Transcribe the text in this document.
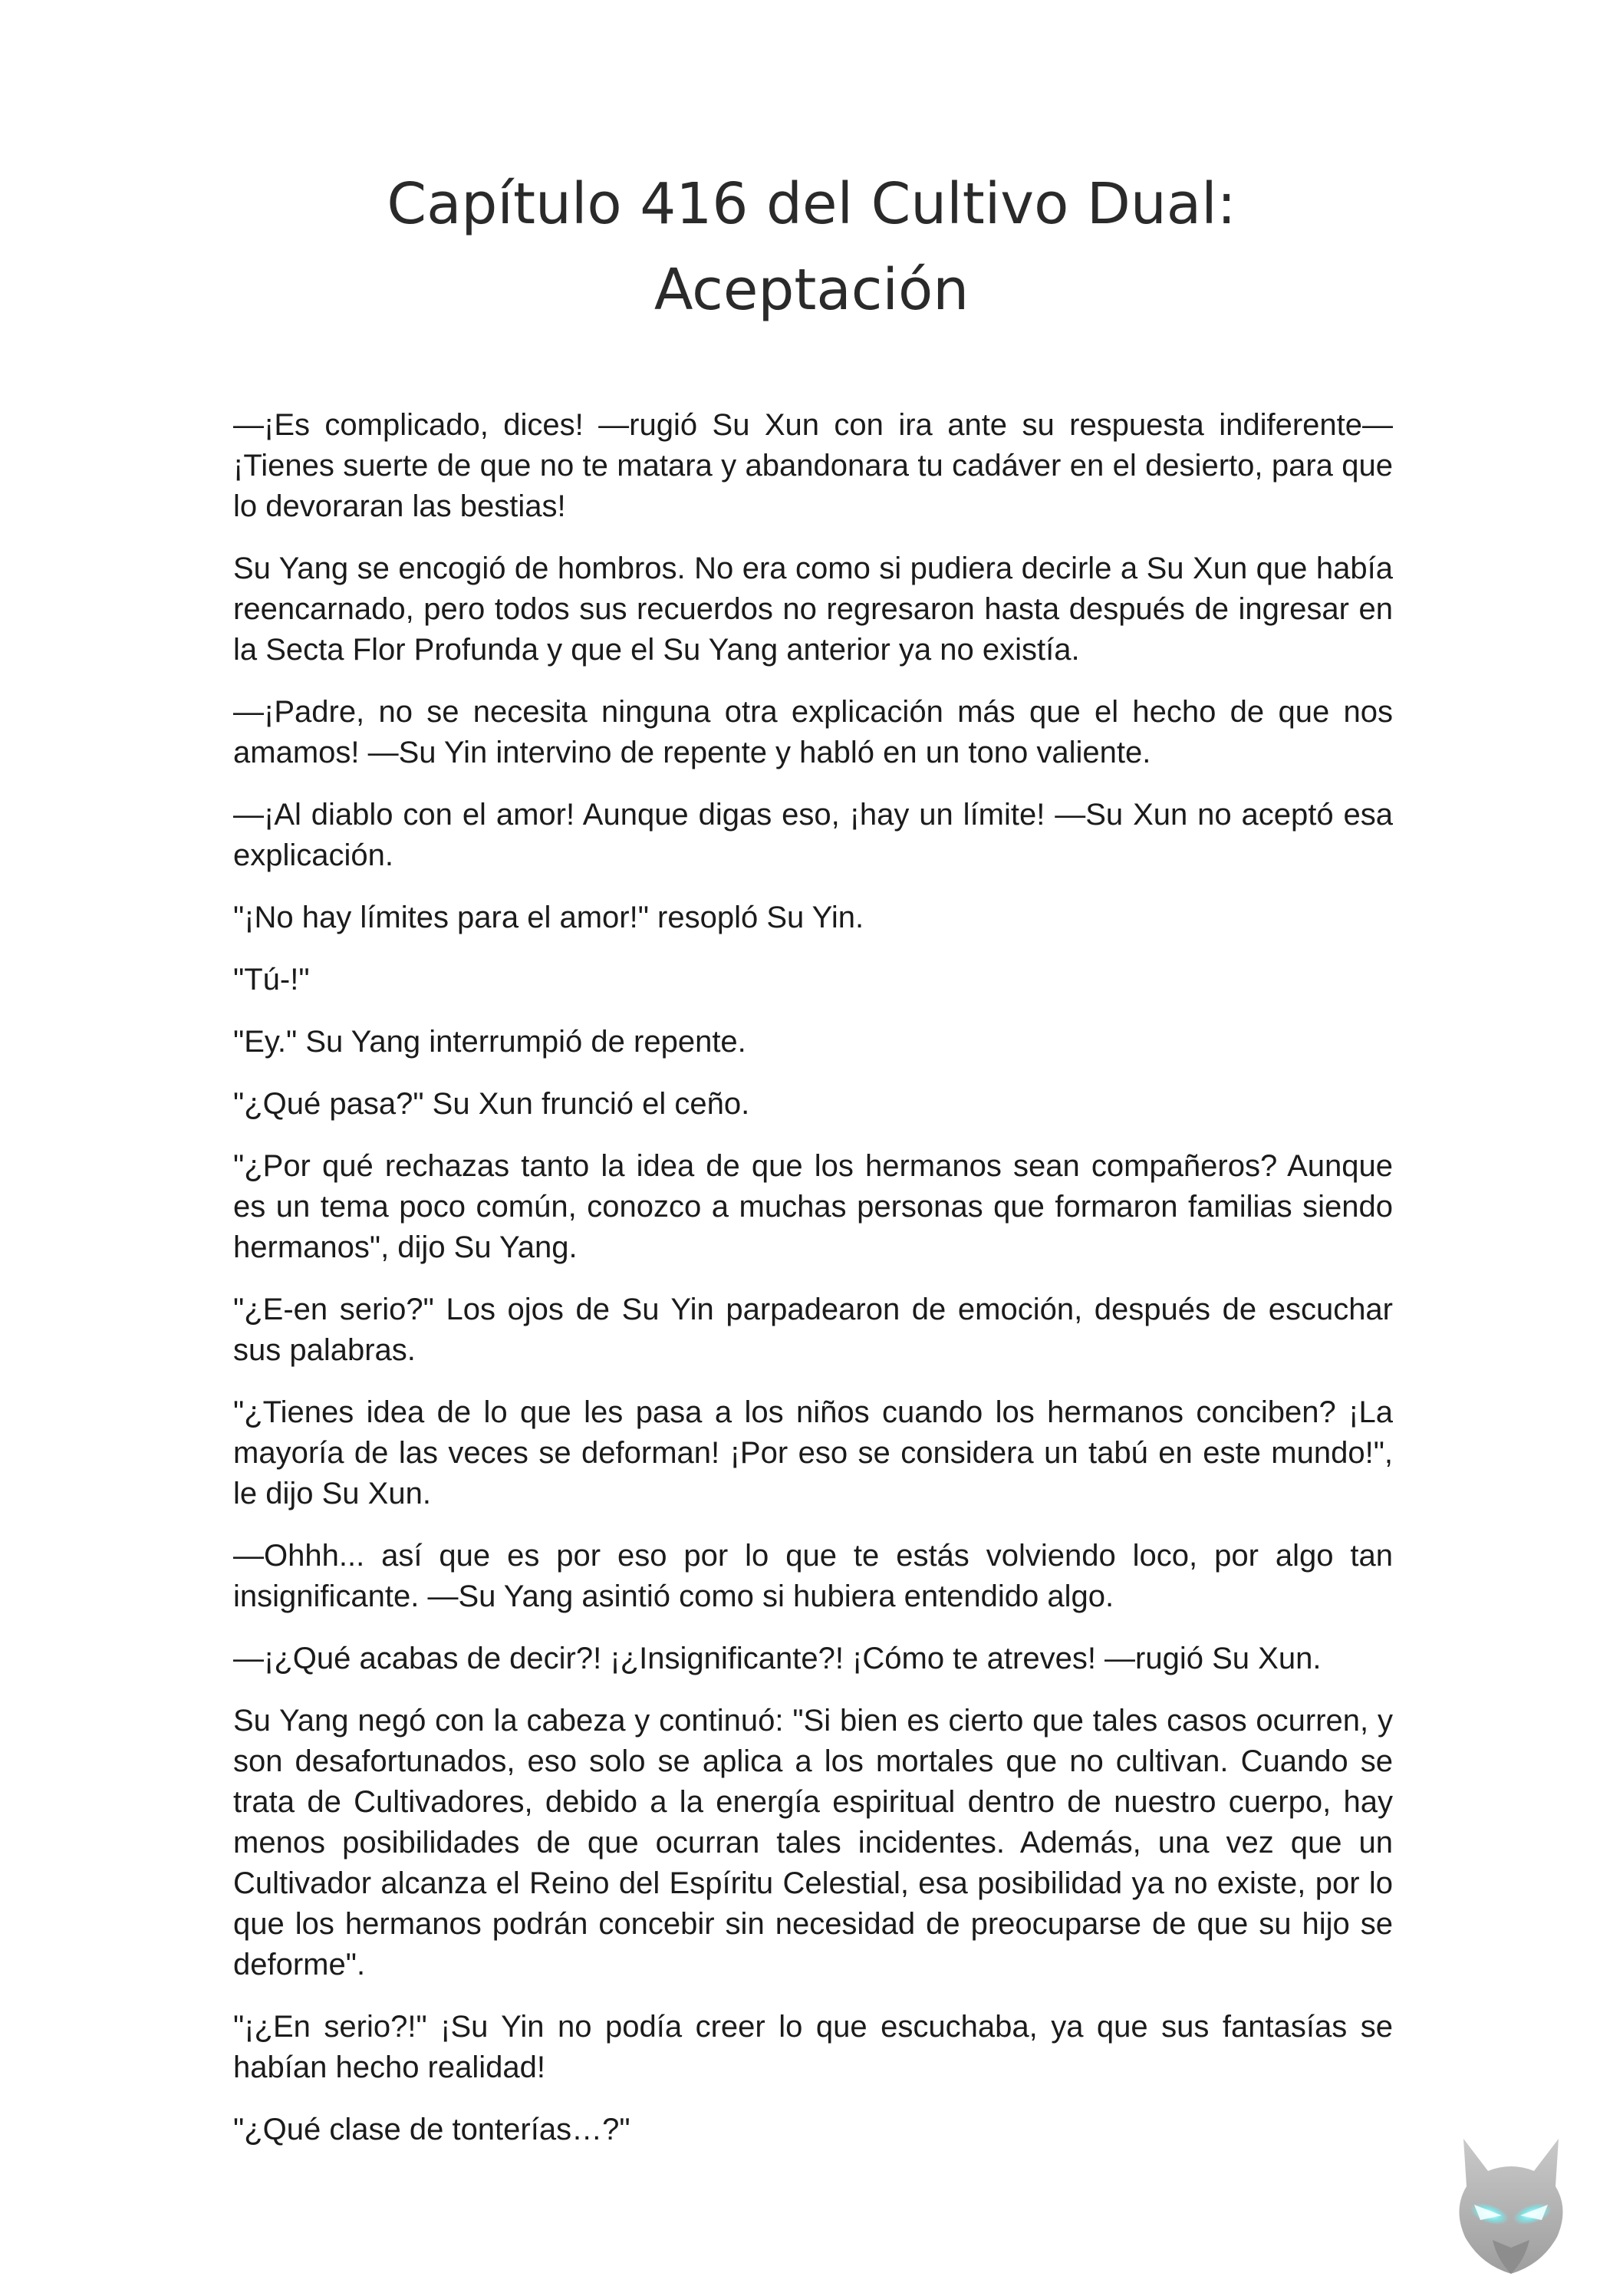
Capítulo 416 del Cultivo Dual:
Aceptación

—¡Es complicado, dices! —rugió Su Xun con ira ante su respuesta indiferente— ¡Tienes suerte de que no te matara y abandonara tu cadáver en el desierto, para que lo devoraran las bestias!

Su Yang se encogió de hombros. No era como si pudiera decirle a Su Xun que había reencarnado, pero todos sus recuerdos no regresaron hasta después de ingresar en la Secta Flor Profunda y que el Su Yang anterior ya no existía.

—¡Padre, no se necesita ninguna otra explicación más que el hecho de que nos amamos! —Su Yin intervino de repente y habló en un tono valiente.

—¡Al diablo con el amor! Aunque digas eso, ¡hay un límite! —Su Xun no aceptó esa explicación.

"¡No hay límites para el amor!" resopló Su Yin.

"Tú-!"

"Ey." Su Yang interrumpió de repente.

"¿Qué pasa?" Su Xun frunció el ceño.

"¿Por qué rechazas tanto la idea de que los hermanos sean compañeros? Aunque es un tema poco común, conozco a muchas personas que formaron familias siendo hermanos", dijo Su Yang.

"¿E-en serio?" Los ojos de Su Yin parpadearon de emoción, después de escuchar sus palabras.

"¿Tienes idea de lo que les pasa a los niños cuando los hermanos conciben? ¡La mayoría de las veces se deforman! ¡Por eso se considera un tabú en este mundo!", le dijo Su Xun.

—Ohhh... así que es por eso por lo que te estás volviendo loco, por algo tan insignificante. —Su Yang asintió como si hubiera entendido algo.

—¡¿Qué acabas de decir?! ¡¿Insignificante?! ¡Cómo te atreves! —rugió Su Xun.

Su Yang negó con la cabeza y continuó: "Si bien es cierto que tales casos ocurren, y son desafortunados, eso solo se aplica a los mortales que no cultivan. Cuando se trata de Cultivadores, debido a la energía espiritual dentro de nuestro cuerpo, hay menos posibilidades de que ocurran tales incidentes. Además, una vez que un Cultivador alcanza el Reino del Espíritu Celestial, esa posibilidad ya no existe, por lo que los hermanos podrán concebir sin necesidad de preocuparse de que su hijo se deforme".

"¡¿En serio?!" ¡Su Yin no podía creer lo que escuchaba, ya que sus fantasías se habían hecho realidad!

"¿Qué clase de tonterías…?"
